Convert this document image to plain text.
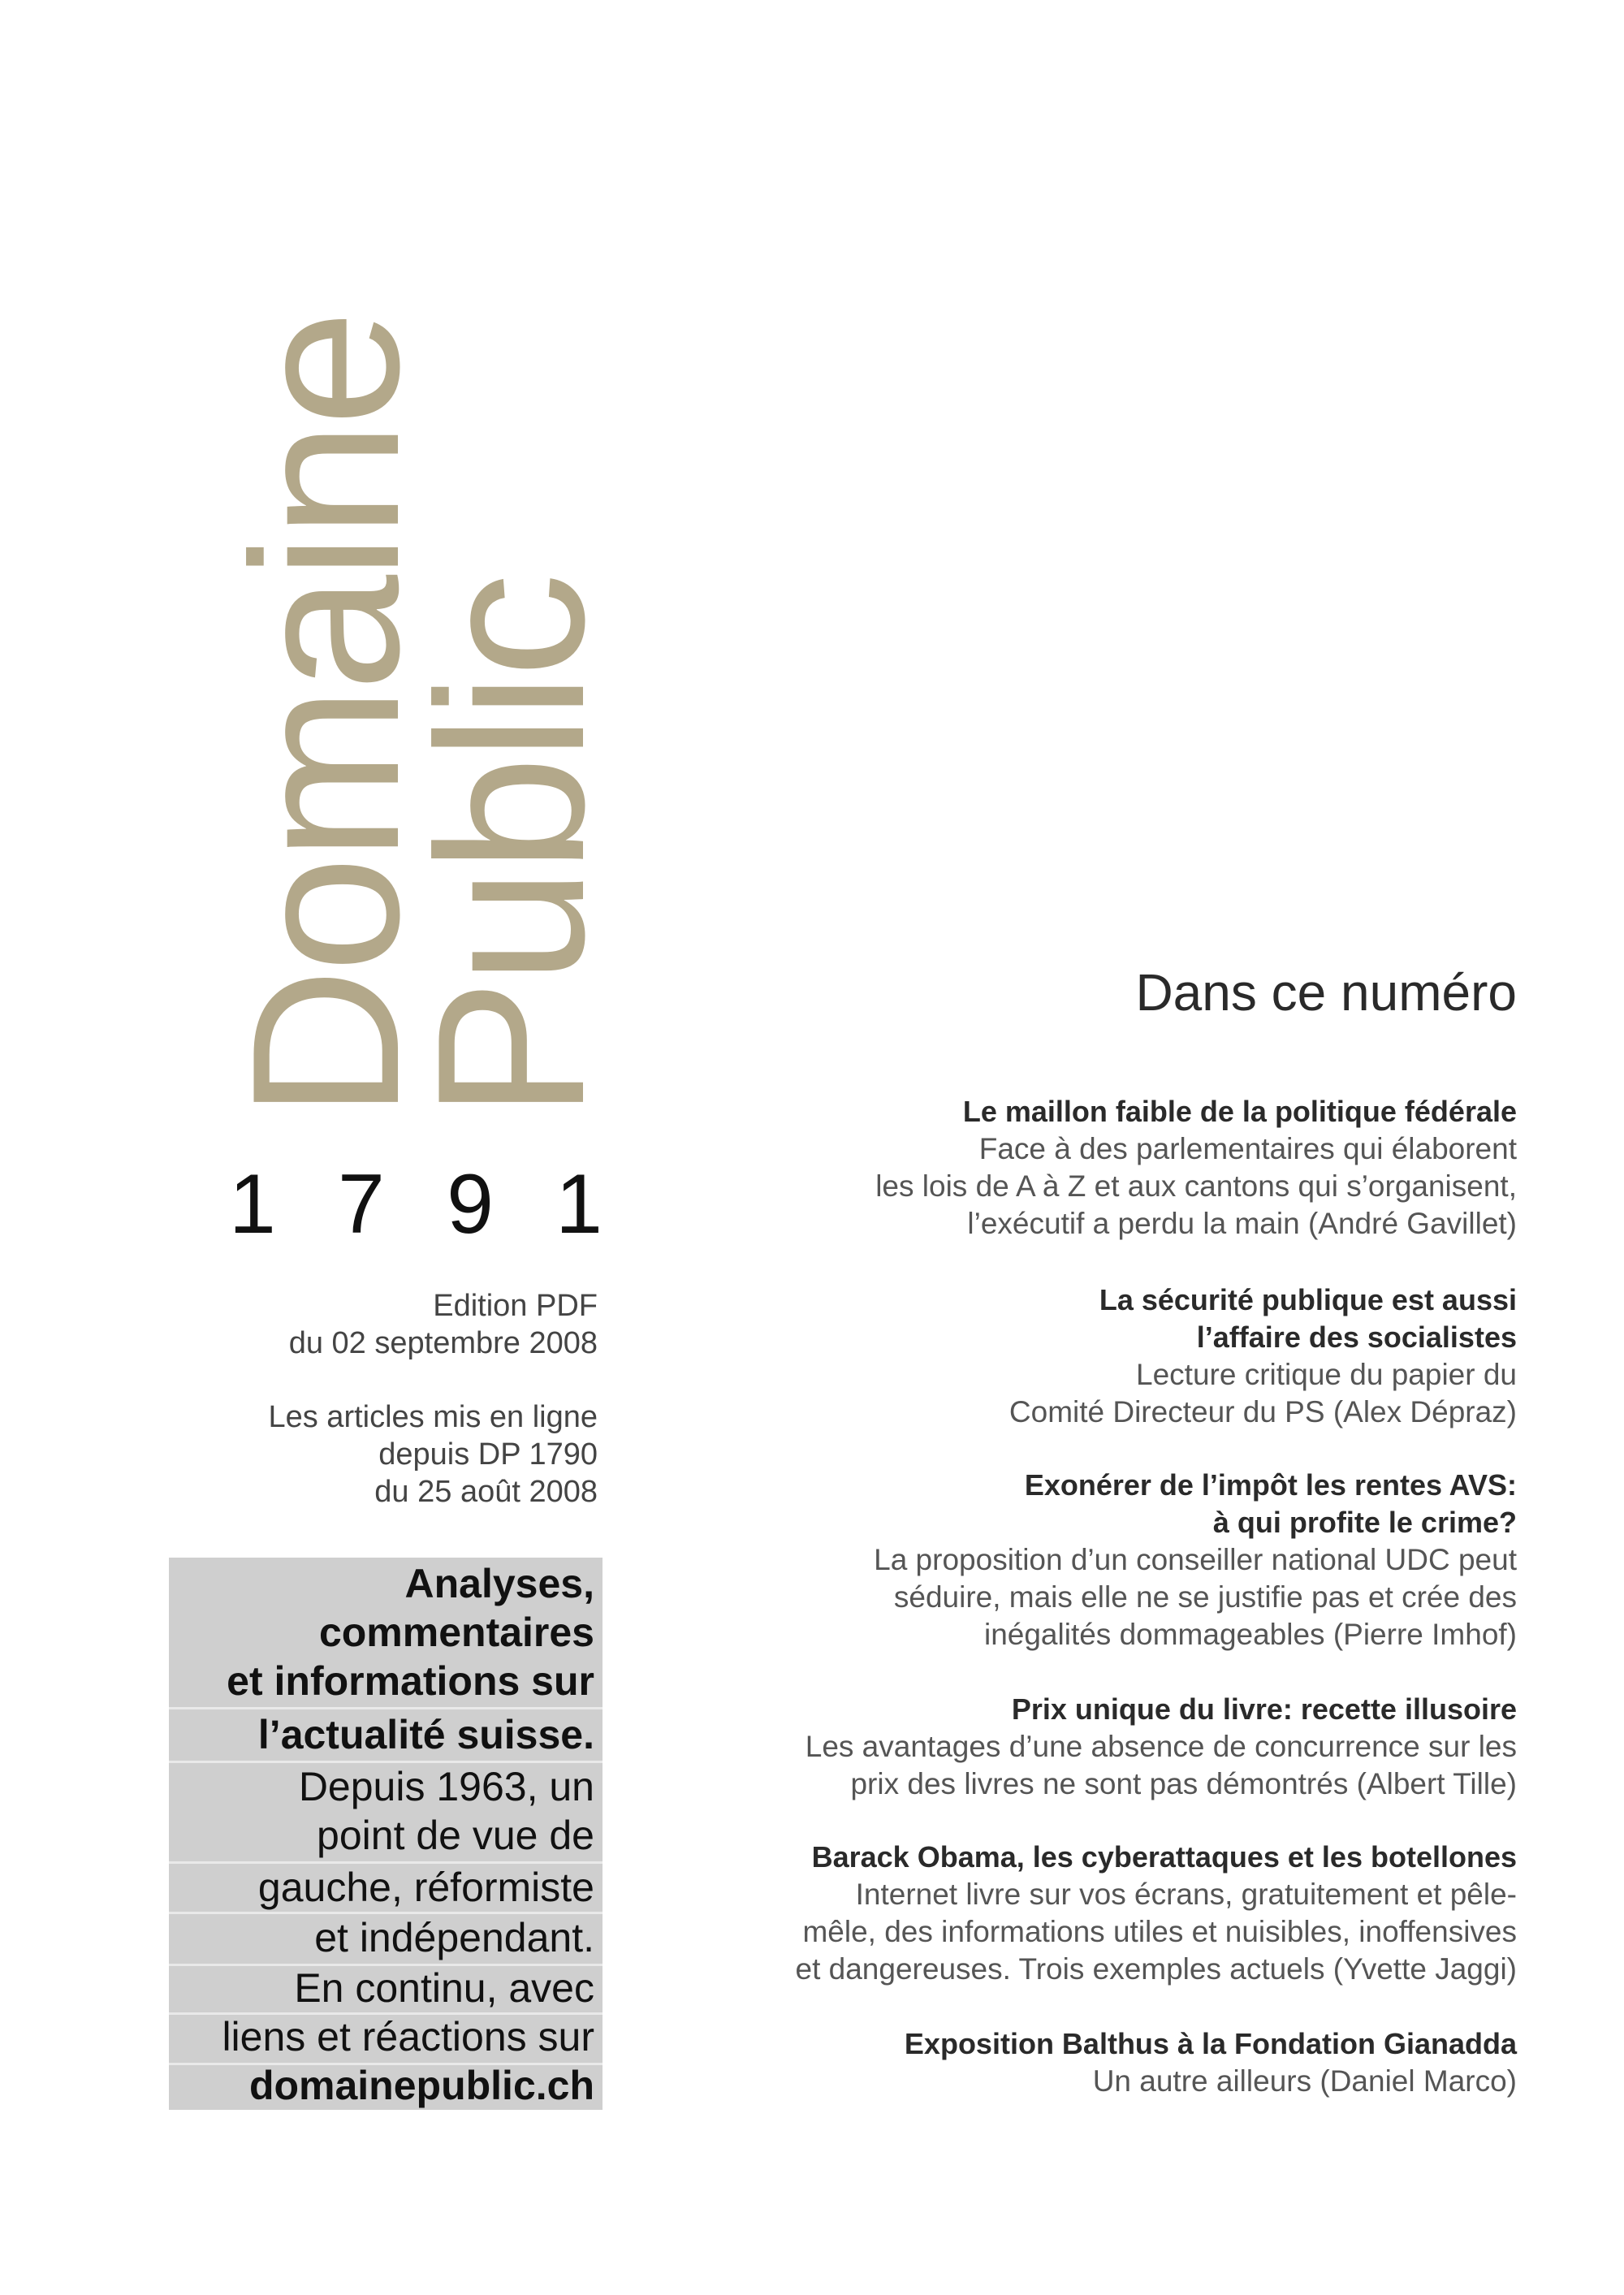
Domaine
Public
1 7 9 1
Edition PDF
du 02 septembre 2008
Les articles mis en ligne
depuis DP 1790
du 25 août 2008
Analyses,
commentaires
et informations sur
l’actualité suisse.
Depuis 1963, un
point de vue de
gauche, réformiste
et indépendant.
En continu, avec
liens et réactions sur
domainepublic.ch
Dans ce numéro
Le maillon faible de la politique fédérale
Face à des parlementaires qui élaborent
les lois de A à Z et aux cantons qui s’organisent,
l’exécutif a perdu la main (André Gavillet)
La sécurité publique est aussi
l’affaire des socialistes
Lecture critique du papier du
Comité Directeur du PS (Alex Dépraz)
Exonérer de l’impôt les rentes AVS:
à qui profite le crime?
La proposition d’un conseiller national UDC peut
séduire, mais elle ne se justifie pas et crée des
inégalités dommageables (Pierre Imhof)
Prix unique du livre: recette illusoire
Les avantages d’une absence de concurrence sur les
prix des livres ne sont pas démontrés (Albert Tille)
Barack Obama, les cyberattaques et les botellones
Internet livre sur vos écrans, gratuitement et pêle-
mêle, des informations utiles et nuisibles, inoffensives
et dangereuses. Trois exemples actuels (Yvette Jaggi)
Exposition Balthus à la Fondation Gianadda
Un autre ailleurs (Daniel Marco)
